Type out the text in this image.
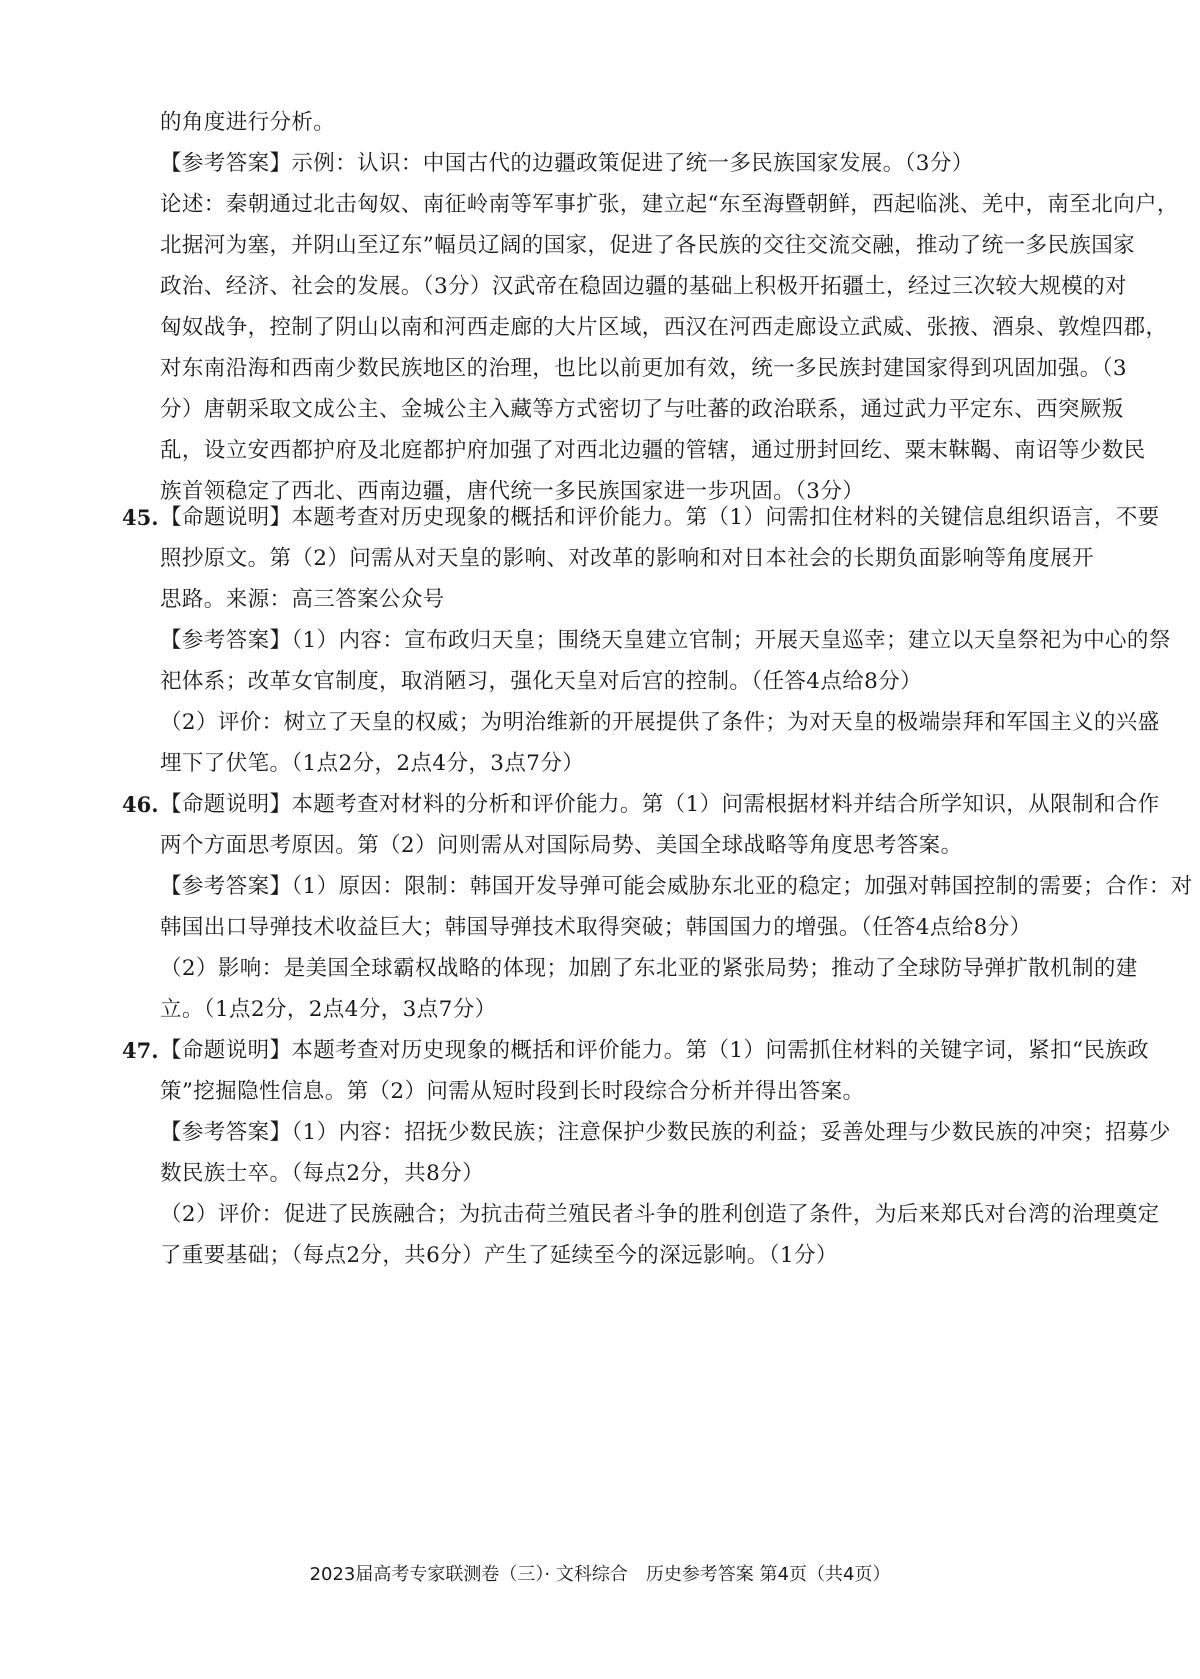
的角度进行分析。
【参考答案】示例：认识：中国古代的边疆政策促进了统一多民族国家发展。（3分）
论述：秦朝通过北击匈奴、南征岭南等军事扩张，建立起“东至海暨朝鲜，西起临洮、羌中，南至北向户，
北据河为塞，并阴山至辽东”幅员辽阔的国家，促进了各民族的交往交流交融，推动了统一多民族国家
政治、经济、社会的发展。（3分）汉武帝在稳固边疆的基础上积极开拓疆土，经过三次较大规模的对
匈奴战争，控制了阴山以南和河西走廊的大片区域，西汉在河西走廊设立武威、张掖、酒泉、敦煌四郡，
对东南沿海和西南少数民族地区的治理，也比以前更加有效，统一多民族封建国家得到巩固加强。（3
分）唐朝采取文成公主、金城公主入藏等方式密切了与吐蕃的政治联系，通过武力平定东、西突厥叛
乱，设立安西都护府及北庭都护府加强了对西北边疆的管辖，通过册封回纥、粟末靺鞨、南诏等少数民
族首领稳定了西北、西南边疆，唐代统一多民族国家进一步巩固。（3分）
45. 【命题说明】本题考查对历史现象的概括和评价能力。第（1）问需扣住材料的关键信息组织语言，不要
照抄原文。第（2）问需从对天皇的影响、对改革的影响和对日本社会的长期负面影响等角度展开
思路。来源：高三答案公众号
【参考答案】（1）内容：宣布政归天皇；围绕天皇建立官制；开展天皇巡幸；建立以天皇祭祀为中心的祭
祀体系；改革女官制度，取消陋习，强化天皇对后宫的控制。（任答4点给8分）
（2）评价：树立了天皇的权威；为明治维新的开展提供了条件；为对天皇的极端崇拜和军国主义的兴盛
埋下了伏笔。（1点2分，2点4分，3点7分）
46. 【命题说明】本题考查对材料的分析和评价能力。第（1）问需根据材料并结合所学知识，从限制和合作
两个方面思考原因。第（2）问则需从对国际局势、美国全球战略等角度思考答案。
【参考答案】（1）原因：限制：韩国开发导弹可能会威胁东北亚的稳定；加强对韩国控制的需要；合作：对
韩国出口导弹技术收益巨大；韩国导弹技术取得突破；韩国国力的增强。（任答4点给8分）
（2）影响：是美国全球霸权战略的体现；加剧了东北亚的紧张局势；推动了全球防导弹扩散机制的建
立。（1点2分，2点4分，3点7分）
47. 【命题说明】本题考查对历史现象的概括和评价能力。第（1）问需抓住材料的关键字词，紧扣“民族政
策”挖掘隐性信息。第（2）问需从短时段到长时段综合分析并得出答案。
【参考答案】（1）内容：招抚少数民族；注意保护少数民族的利益；妥善处理与少数民族的冲突；招募少
数民族士卒。（每点2分，共8分）
（2）评价：促进了民族融合；为抗击荷兰殖民者斗争的胜利创造了条件，为后来郑氏对台湾的治理奠定
了重要基础；（每点2分，共6分）产生了延续至今的深远影响。（1分）
2023届高考专家联测卷（三）· 文科综合　历史参考答案 第4页（共4页）
